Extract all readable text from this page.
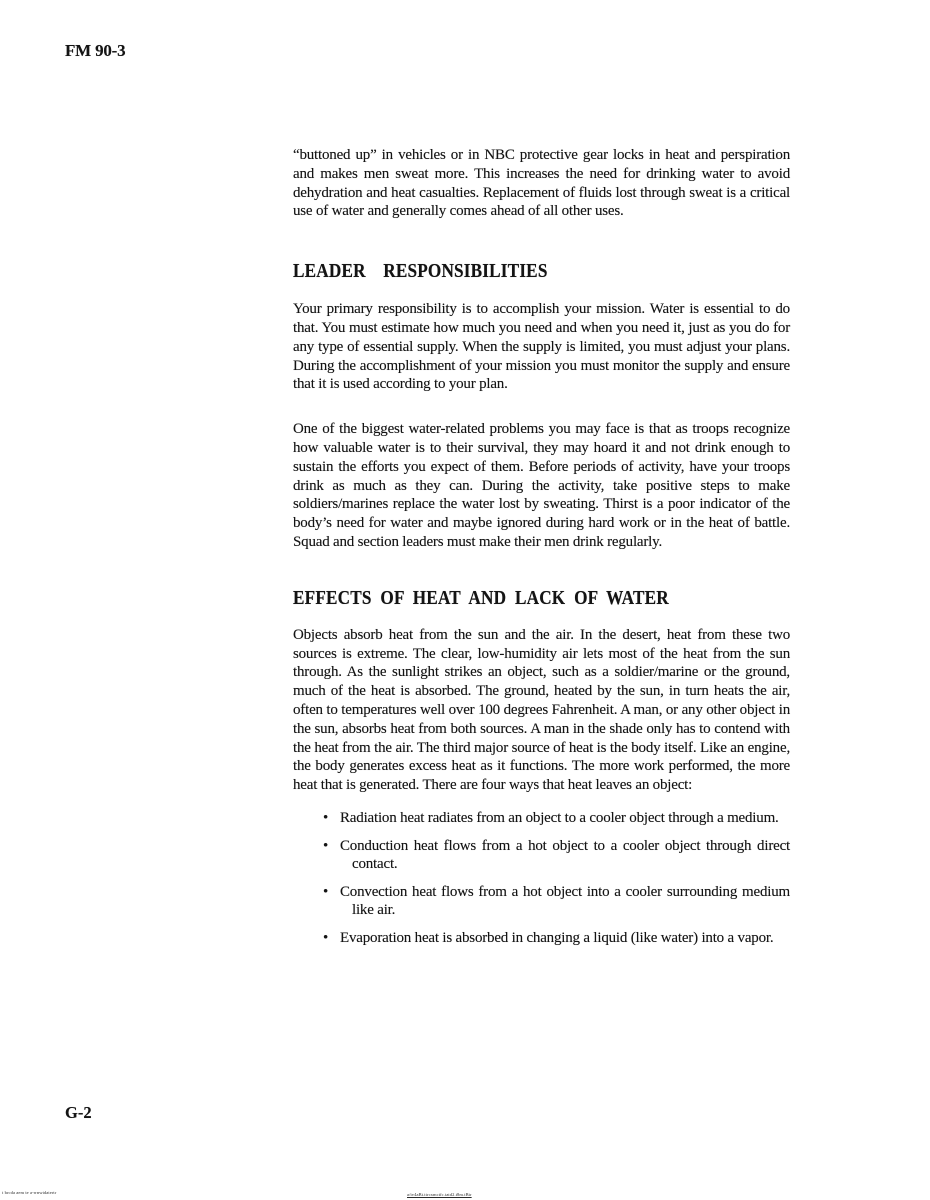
FM 90-3

“buttoned up” in vehicles or in NBC protective gear locks in heat and perspiration and makes men sweat more. This increases the need for drinking water to avoid dehydration and heat casualties. Replacement of fluids lost through sweat is a critical use of water and generally comes ahead of all other uses.

LEADER  RESPONSIBILITIES

Your primary responsibility is to accomplish your mission. Water is essential to do that. You must estimate how much you need and when you need it, just as you do for any type of essential supply. When the supply is limited, you must adjust your plans. During the accomplishment of your mission you must monitor the supply and ensure that it is used according to your plan.

One of the biggest water-related problems you may face is that as troops recognize how valuable water is to their survival, they may hoard it and not drink enough to sustain the efforts you expect of them. Before periods of activity, have your troops drink as much as they can. During the activity, take positive steps to make soldiers/marines replace the water lost by sweating. Thirst is a poor indicator of the body’s need for water and maybe ignored during hard work or in the heat of battle. Squad and section leaders must make their men drink regularly.

EFFECTS OF HEAT AND LACK OF WATER

Objects absorb heat from the sun and the air. In the desert, heat from these two sources is extreme. The clear, low-humidity air lets most of the heat from the sun through. As the sunlight strikes an object, such as a soldier/marine or the ground, much of the heat is absorbed. The ground, heated by the sun, in turn heats the air, often to temperatures well over 100 degrees Fahrenheit. A man, or any other object in the sun, absorbs heat from both sources. A man in the shade only has to contend with the heat from the air. The third major source of heat is the body itself. Like an engine, the body generates excess heat as it functions. The more work performed, the more heat that is generated. There are four ways that heat leaves an object:

• Radiation heat radiates from an object to a cooler object through a medium.
• Conduction heat flows from a hot object to a cooler object through direct contact.
• Convection heat flows from a hot object into a cooler surrounding medium like air.
• Evaporation heat is absorbed in changing a liquid (like water) into a vapor.
G-2
t brcda aem te a-rrnwtdatertr	a/tv4aBt.ttrcxmctfc.tatd2.t8m.tBtr
